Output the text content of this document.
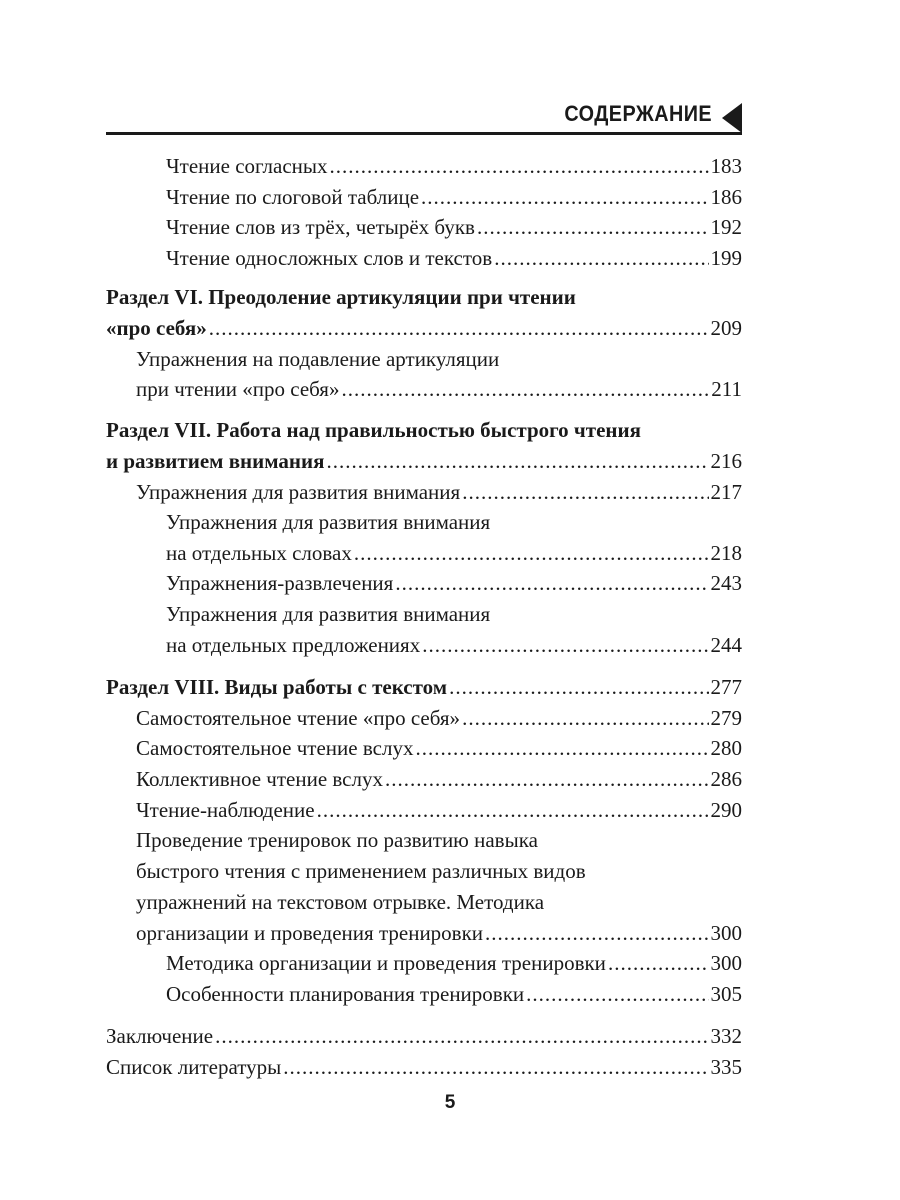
СОДЕРЖАНИЕ
Чтение согласных .....	183
Чтение по слоговой таблице .....	186
Чтение слов из трёх, четырёх букв .....	192
Чтение односложных слов и текстов .....	199
Раздел VI. Преодоление артикуляции при чтении
«про себя» .....	209
Упражнения на подавление артикуляции
при чтении «про себя» .....	211
Раздел VII. Работа над правильностью быстрого чтения
и развитием внимания .....	216
Упражнения для развития внимания .....	217
Упражнения для развития внимания
на отдельных словах .....	218
Упражнения-развлечения .....	243
Упражнения для развития внимания
на отдельных предложениях .....	244
Раздел VIII. Виды работы с текстом .....	277
Самостоятельное чтение «про себя» .....	279
Самостоятельное чтение вслух .....	280
Коллективное чтение вслух .....	286
Чтение-наблюдение .....	290
Проведение тренировок по развитию навыка
быстрого чтения с применением различных видов
упражнений на текстовом отрывке. Методика
организации и проведения тренировки .....	300
Методика организации и проведения тренировки .....	300
Особенности планирования тренировки .....	305
Заключение .....	332
Список литературы .....	335
5
